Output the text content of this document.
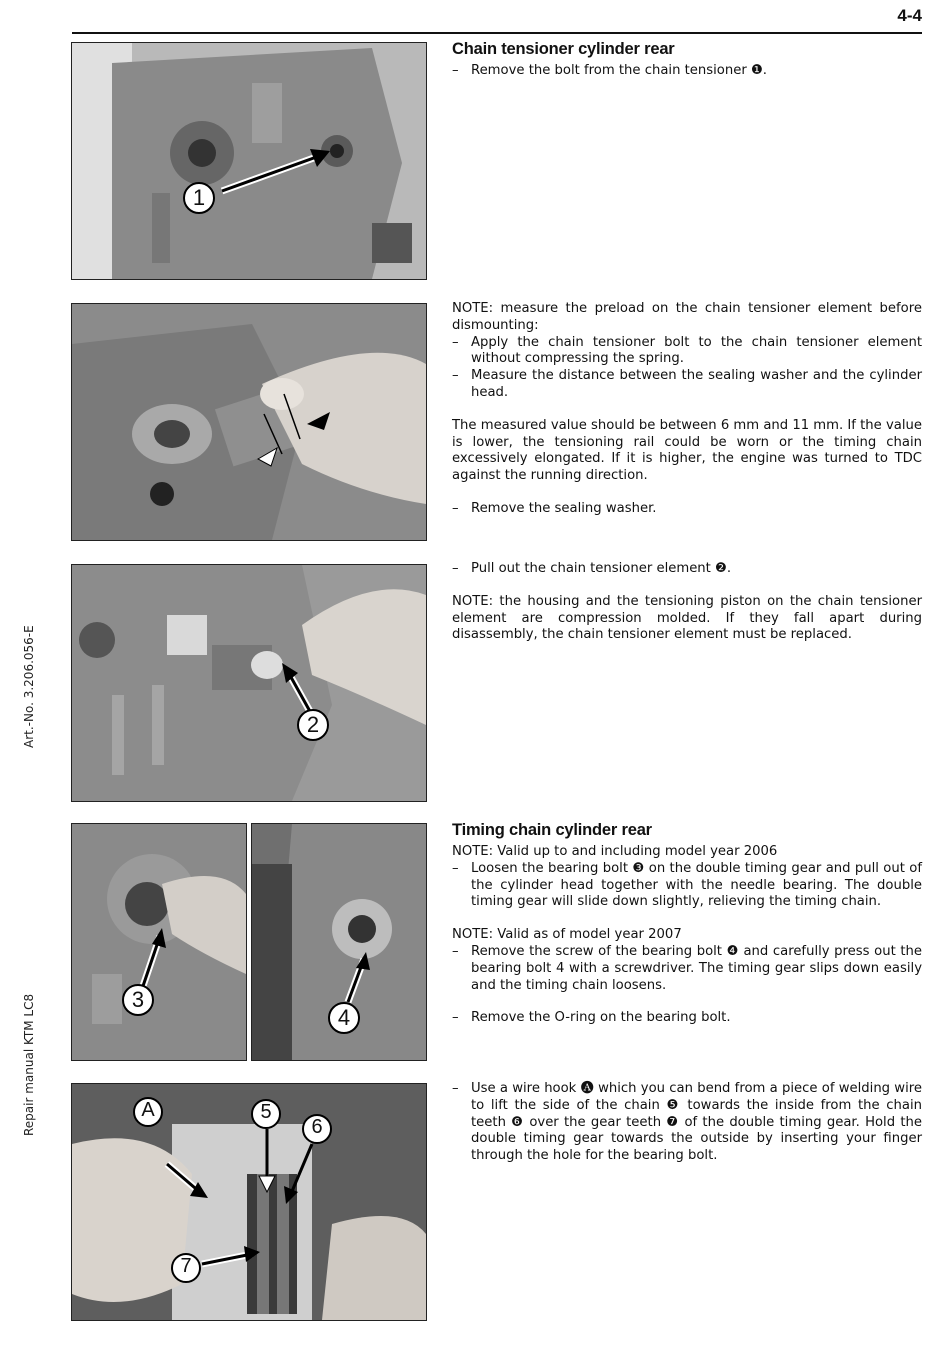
4-4
Art.-No. 3.206.056-E
Repair manual KTM LC8
1
2
3
4
A	5
6
7
Chain tensioner cylinder rear

– Remove the bolt from the chain tensioner ❶.

NOTE: measure the preload on the chain tensioner element before dismounting:

– Apply the chain tensioner bolt to the chain tensioner element without compressing the spring.

– Measure the distance between the sealing washer and the cylinder head.

The measured value should be between 6 mm and 11 mm. If the value is lower, the tensioning rail could be worn or the timing chain excessively elongated. If it is higher, the engine was turned to TDC against the running direction.

– Remove the sealing washer.

– Pull out the chain tensioner element ❷.

NOTE: the housing and the tensioning piston on the chain tensioner element are compression molded. If they fall apart during disassembly, the chain tensioner element must be replaced.

Timing chain cylinder rear

NOTE: Valid up to and including model year 2006

– Loosen the bearing bolt ❸ on the double timing gear and pull out of the cylinder head together with the needle bearing. The double timing gear will slide down slightly, relieving the timing chain.

NOTE: Valid as of model year 2007

– Remove the screw of the bearing bolt ❹ and carefully press out the bearing bolt 4 with a screwdriver. The timing gear slips down easily and the timing chain loosens.

– Remove the O-ring on the bearing bolt.

– Use a wire hook 🅐 which you can bend from a piece of welding wire to lift the side of the chain ❺ towards the inside from the chain teeth ❻ over the gear teeth ❼ of the double timing gear. Hold the double timing gear towards the outside by inserting your finger through the hole for the bearing bolt.
